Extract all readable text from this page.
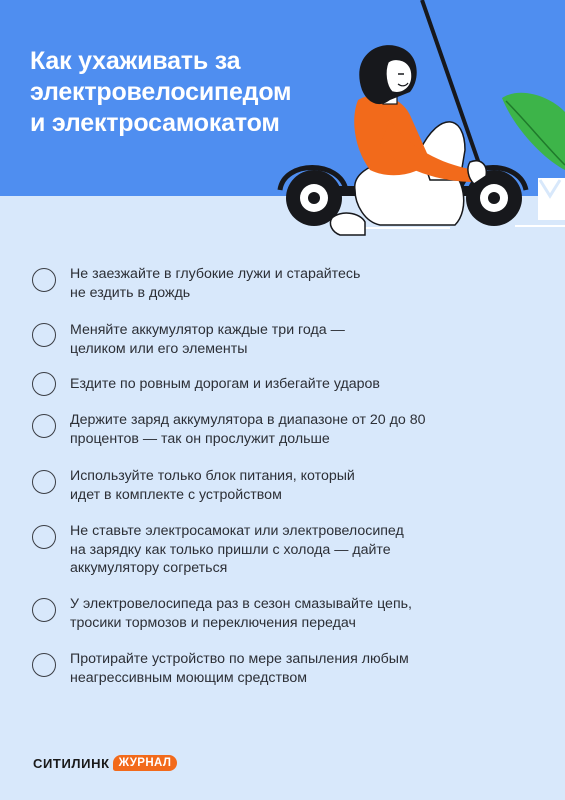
Как ухаживать за
электровелосипедом
и электросамокатом
Не заезжайте в глубокие лужи и старайтесь
не ездить в дождь
Меняйте аккумулятор каждые три года —
целиком или его элементы
Ездите по ровным дорогам и избегайте ударов
Держите заряд аккумулятора в диапазоне от 20 до 80
процентов — так он прослужит дольше
Используйте только блок питания, который
идет в комплекте с устройством
Не ставьте электросамокат или электровелосипед
на зарядку как только пришли с холода — дайте
аккумулятору согреться
У электровелосипеда раз в сезон смазывайте цепь,
тросики тормозов и переключения передач
Протирайте устройство по мере запыления любым
неагрессивным моющим средством
СИТИЛИНК ЖУРНАЛ
